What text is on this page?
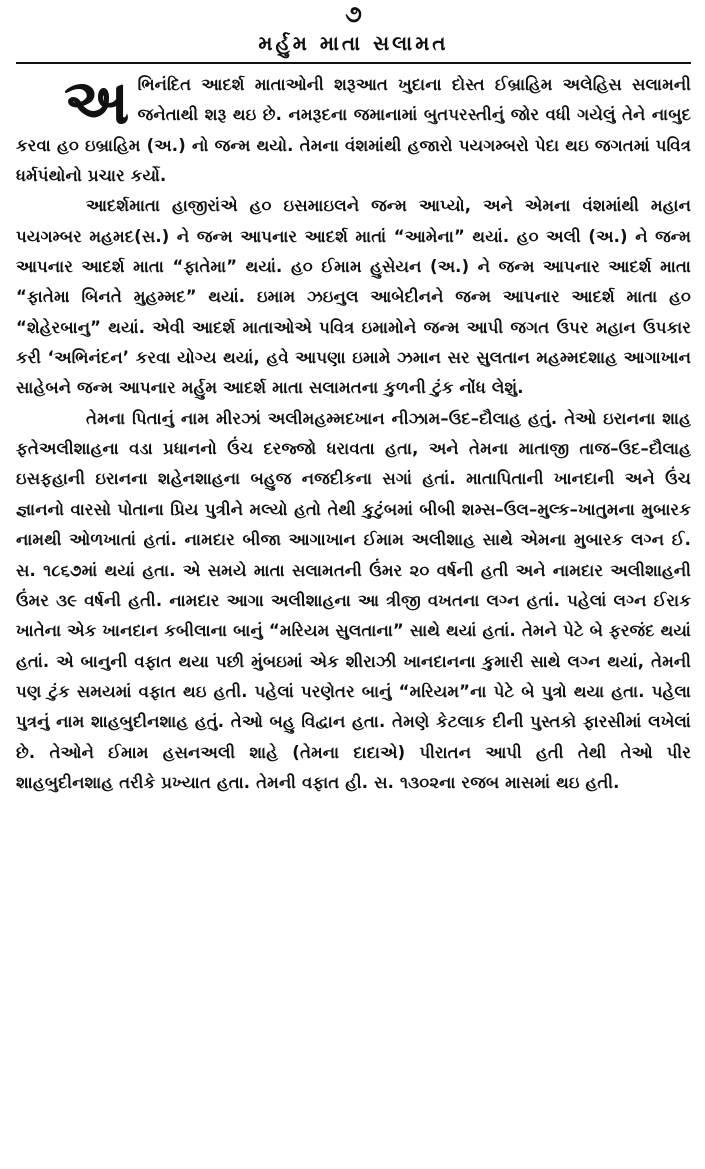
૭
મર્હુમ માતા સલામત

અ ભિનંદિત આદર્શ માતાઓની શરૂઆત ખુદાના દોસ્ત ઈબ્રાહિમ અલેહિસ સલામની જનેતાથી શરૂ થઇ છે. નમરૂદના જમાનામાં બુતપરસ્તીનું જોર વધી ગયેલું તેને નાબુદ કરવા હ૦ ઇબ્રાહિમ (અ.) નો જન્મ થયો. તેમના વંશમાંથી હજારો પયગમ્બરો પેદા થઇ જગતમાં પવિત્ર ધર્મપંથોનો પ્રચાર કર્યો.

આદર્શમાતા હાજીરાંએ હ૦ ઇસમાઇલને જન્મ આપ્યો, અને એમના વંશમાંથી મહાન પયગમ્બર મહમદ(સ.) ને જન્મ આપનાર આદર્શ માતાં “આમેના” થયાં. હ૦ અલી (અ.) ને જન્મ આપનાર આદર્શ માતા “ફાતેમા” થયાં. હ૦ ઈમામ હુસેયન (અ.) ને જન્મ આપનાર આદર્શ માતા “ફાતેમા બિનતે મુહમ્મદ” થયાં. ઇમામ ઝઇનુલ આબેદીનને જન્મ આપનાર આદર્શ માતા હ૦ “શેહેરબાનુ” થયાં. એવી આદર્શ માતાઓએ પવિત્ર ઇમામોને જન્મ આપી જગત ઉપર મહાન ઉપકાર કરી ‘અભિનંદન’ કરવા યોગ્ય થયાં, હવે આપણા ઇમામે ઝમાન સર સુલતાન મહમ્મદશાહ આગાખાન સાહેબને જન્મ આપનાર મર્હુમ આદર્શ માતા સલામતના કુળની ટુંક નોંધ લેશું.

તેમના પિતાનું નામ મીરઝાં અલીમહમ્મદખાન નીઝામ–ઉદ–દૌલાહ હતું. તેઓ ઇરાનના શાહ ફતેઅલીશાહના વડા પ્રધાનનો ઉંચ દરજ્જો ધરાવતા હતા, અને તેમના માતાજી તાજ–ઉદ–દૌલાહ ઇસફહાની ઇરાનના શહેનશાહના બહુજ નજદીકના સગાં હતાં. માતાપિતાની ખાનદાની અને ઉંચ જ્ઞાનનો વારસો પોતાના પ્રિય પુત્રીને મલ્યો હતો તેથી કુટુંબમાં બીબી શમ્સ–ઉલ–મુલ્ક–ખાતુમના મુબારક નામથી ઓળખાતાં હતાં. નામદાર બીજા આગાખાન ઈમામ અલીશાહ સાથે એમના મુબારક લગ્ન ઈ. સ. ૧૮૬૭માં થયાં હતા. એ સમયે માતા સલામતની ઉંમર ૨૦ વર્ષની હતી અને નામદાર અલીશાહની ઉંમર ૩૯ વર્ષની હતી. નામદાર આગા અલીશાહના આ ત્રીજી વખતના લગ્ન હતાં. પહેલાં લગ્ન ઈરાક ખાતેના એક ખાનદાન કબીલાના બાનું “મરિયમ સુલતાના” સાથે થયાં હતાં. તેમને પેટે બે ફરજંદ થયાં હતાં. એ બાનુની વફાત થયા પછી મુંબઇમાં એક શીરાઝી ખાનદાનના કુમારી સાથે લગ્ન થયાં, તેમની પણ ટુંક સમયમાં વફાત થઇ હતી. પહેલાં પરણેતર બાનું “મરિયમ”ના પેટે બે પુત્રો થયા હતા. પહેલા પુત્રનું નામ શાહબુદીનશાહ હતું. તેઓ બહુ વિદ્વાન હતા. તેમણે કેટલાક દીની પુસ્તકો ફારસીમાં લખેલાં છે. તેઓને ઈમામ હસનઅલી શાહે (તેમના દાદાએ) પીરાતન આપી હતી તેથી તેઓ પીર શાહબુદીનશાહ તરીકે પ્રખ્યાત હતા. તેમની વફાત હી. સ. ૧૩૦૨ના રજબ માસમાં થઇ હતી.
